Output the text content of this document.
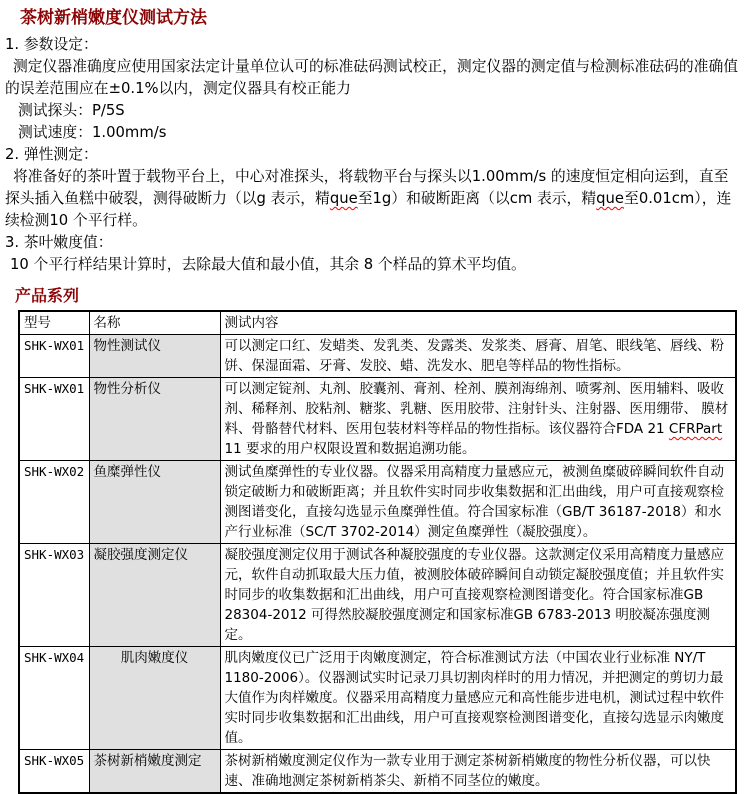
茶树新梢嫩度仪测试方法

1. 参数设定：

测定仪器准确度应使用国家法定计量单位认可的标准砝码测试校正，测定仪器的测定值与检测标准砝码的准确值的误差范围应在±0.1%以内，测定仪器具有校正能力

测试探头：P/5S

测试速度：1.00mm/s

2. 弹性测定：

将准备好的茶叶置于载物平台上，中心对准探头，将载物平台与探头以1.00mm/s 的速度恒定相向运到，直至探头插入鱼糕中破裂，测得破断力（以g 表示，精que至1g）和破断距离（以cm 表示，精que至0.01cm），连续检测10 个平行样。

3. 茶叶嫩度值：

10 个平行样结果计算时，去除最大值和最小值，其余 8 个样品的算术平均值。

产品系列
型号	名称	测试内容
SHK-WX01	物性测试仪	可以测定口红、发蜡类、发乳类、发露类、发浆类、唇膏、眉笔、眼线笔、唇线、粉饼、保湿面霜、牙膏、发胶、蜡、洗发水、肥皂等样品的物性指标。
SHK-WX01	物性分析仪	可以测定锭剂、丸剂、胶囊剂、膏剂、栓剂、膜剂海绵剂、喷雾剂、医用辅料、吸收 剂、稀释剂、胶粘剂、糖浆、乳糖、医用胶带、注射针头、注射器、医用绷带、 膜材料、骨骼替代材料、医用包装材料等样品的物性指标。该仪器符合FDA 21 CFRPart 11 要求的用户权限设置和数据追溯功能。
SHK-WX02	鱼糜弹性仪	测试鱼糜弹性的专业仪器。仪器采用高精度力量感应元，被测鱼糜破碎瞬间软件自动锁定破断力和破断距离；并且软件实时同步收集数据和汇出曲线，用户可直接观察检测图谱变化，直接勾选显示鱼糜弹性值。符合国家标准（GB/T 36187-2018）和水产行业标准（SC/T 3702-2014）测定鱼糜弹性（凝胶强度）。
SHK-WX03	凝胶强度测定仪	凝胶强度测定仪用于测试各种凝胶强度的专业仪器。这款测定仪采用高精度力量感应元，软件自动抓取最大压力值，被测胶体破碎瞬间自动锁定凝胶强度值；并且软件实时同步的收集数据和汇出曲线，用户可直接观察检测图谱变化。符合国家标准GB 28304-2012 可得然胶凝胶强度测定和国家标准GB 6783-2013 明胶凝冻强度测定。
SHK-WX04	肌肉嫩度仪	肌肉嫩度仪已广泛用于肉嫩度测定，符合标准测试方法（中国农业行业标准 NY/T 1180-2006）。仪器测试实时记录刀具切割肉样时的用力情况，并把测定的剪切力最大值作为肉样嫩度。仪器采用高精度力量感应元和高性能步进电机，测试过程中软件实时同步收集数据和汇出曲线，用户可直接观察检测图谱变化，直接勾选显示肉嫩度值。
SHK-WX05	茶树新梢嫩度测定	茶树新梢嫩度测定仪作为一款专业用于测定茶树新梢嫩度的物性分析仪器，可以快速、准确地测定茶树新梢茶尖、新梢不同茎位的嫩度。
